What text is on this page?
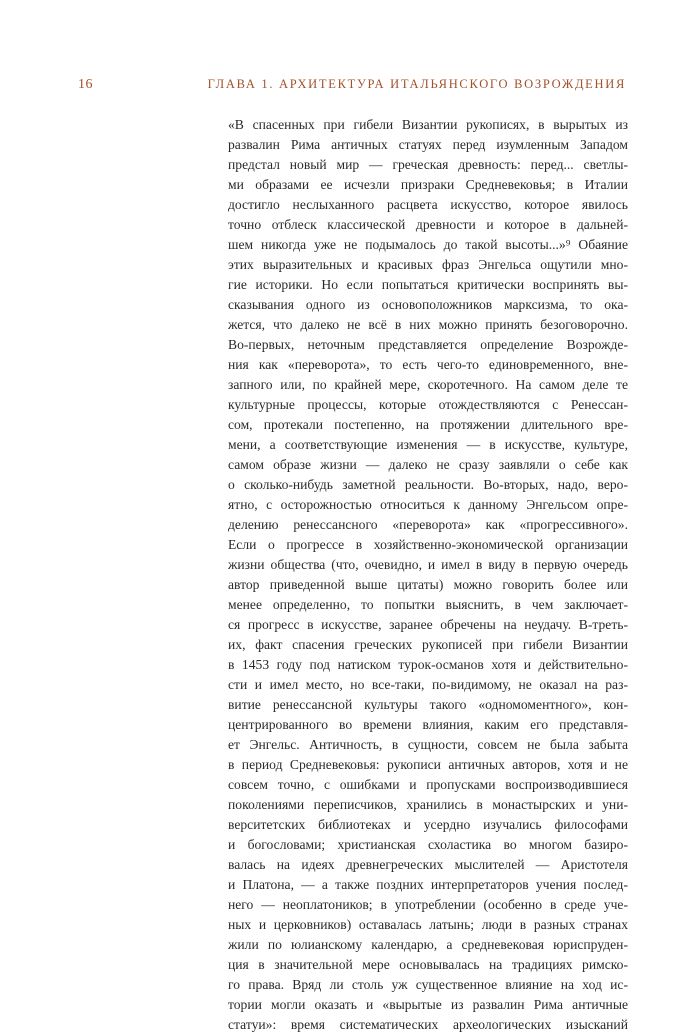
16	ГЛАВА 1. АРХИТЕКТУРА ИТАЛЬЯНСКОГО ВОЗРОЖДЕНИЯ
«В спасенных при гибели Византии рукописях, в вырытых из
развалин Рима античных статуях перед изумленным Западом
предстал новый мир — греческая древность: перед... светлы-
ми образами ее исчезли призраки Средневековья; в Италии
достигло неслыханного расцвета искусство, которое явилось
точно отблеск классической древности и которое в дальней-
шем никогда уже не подымалось до такой высоты...»⁹ Обаяние
этих выразительных и красивых фраз Энгельса ощутили мно-
гие историки. Но если попытаться критически воспринять вы-
сказывания одного из основоположников марксизма, то ока-
жется, что далеко не всё в них можно принять безоговорочно.
Во-первых, неточным представляется определение Возрожде-
ния как «переворота», то есть чего-то единовременного, вне-
запного или, по крайней мере, скоротечного. На самом деле те
культурные процессы, которые отождествляются с Ренессан-
сом, протекали постепенно, на протяжении длительного вре-
мени, а соответствующие изменения — в искусстве, культуре,
самом образе жизни — далеко не сразу заявляли о себе как
о сколько-нибудь заметной реальности. Во-вторых, надо, веро-
ятно, с осторожностью относиться к данному Энгельсом опре-
делению ренессансного «переворота» как «прогрессивного».
Если о прогрессе в хозяйственно-экономической организации
жизни общества (что, очевидно, и имел в виду в первую очередь
автор приведенной выше цитаты) можно говорить более или
менее определенно, то попытки выяснить, в чем заключает-
ся прогресс в искусстве, заранее обречены на неудачу. В-треть-
их, факт спасения греческих рукописей при гибели Византии
в 1453 году под натиском турок-османов хотя и действительно-
сти и имел место, но все-таки, по-видимому, не оказал на раз-
витие ренессансной культуры такого «одномоментного», кон-
центрированного во времени влияния, каким его представля-
ет Энгельс. Античность, в сущности, совсем не была забыта
в период Средневековья: рукописи античных авторов, хотя и не
совсем точно, с ошибками и пропусками воспроизводившиеся
поколениями переписчиков, хранились в монастырских и уни-
верситетских библиотеках и усердно изучались философами
и богословами; христианская схоластика во многом базиро-
валась на идеях древнегреческих мыслителей — Аристотеля
и Платона, — а также поздних интерпретаторов учения послед-
него — неоплатоников; в употреблении (особенно в среде уче-
ных и церковников) оставалась латынь; люди в разных странах
жили по юлианскому календарю, а средневековая юриспруден-
ция в значительной мере основывалась на традициях римско-
го права. Вряд ли столь уж существенное влияние на ход ис-
тории могли оказать и «вырытые из развалин Рима античные
статуи»: время систематических археологических изысканий
